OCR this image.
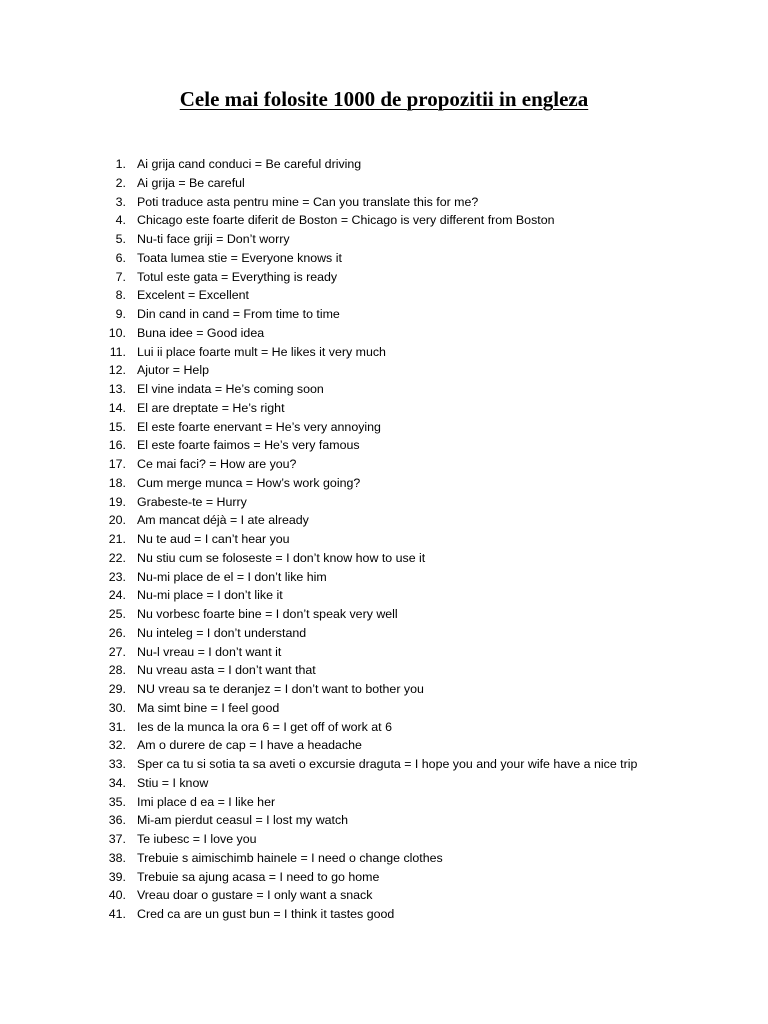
Cele mai folosite 1000 de propozitii in engleza
1. Ai grija cand conduci = Be careful driving
2. Ai grija = Be careful
3. Poti traduce asta pentru mine = Can you translate this for me?
4. Chicago este foarte diferit de Boston = Chicago is very different from Boston
5. Nu-ti face griji = Don’t worry
6. Toata lumea stie = Everyone knows it
7. Totul este gata = Everything is ready
8. Excelent = Excellent
9. Din cand in cand = From time to time
10. Buna idee = Good idea
11. Lui ii place foarte mult = He likes it very much
12. Ajutor = Help
13. El vine indata = He’s coming soon
14. El are dreptate = He’s right
15. El este foarte enervant = He’s very annoying
16. El este foarte faimos = He’s very famous
17. Ce mai faci? = How are you?
18. Cum merge munca = How’s work going?
19. Grabeste-te = Hurry
20. Am mancat déjà = I ate already
21. Nu te aud = I can’t hear you
22. Nu stiu cum se foloseste = I don’t know how to use it
23. Nu-mi place de el = I don’t like him
24. Nu-mi place = I don’t like it
25. Nu vorbesc foarte bine = I don’t speak very well
26. Nu inteleg = I don’t understand
27. Nu-l vreau = I don’t want it
28. Nu vreau asta = I don’t want that
29. NU vreau sa te deranjez = I don’t want to bother you
30. Ma simt bine = I feel good
31. Ies de la munca la ora 6 = I get off of work at 6
32. Am o durere de cap = I have a headache
33. Sper ca tu si sotia ta sa aveti o excursie draguta = I hope you and your wife have a nice trip
34. Stiu = I know
35. Imi place d ea = I like her
36. Mi-am pierdut ceasul = I lost my watch
37. Te iubesc = I love you
38. Trebuie s aimischimb hainele = I need o change clothes
39. Trebuie sa ajung acasa = I need to go home
40. Vreau doar o gustare = I only want a snack
41. Cred ca are un gust bun = I think it tastes good
